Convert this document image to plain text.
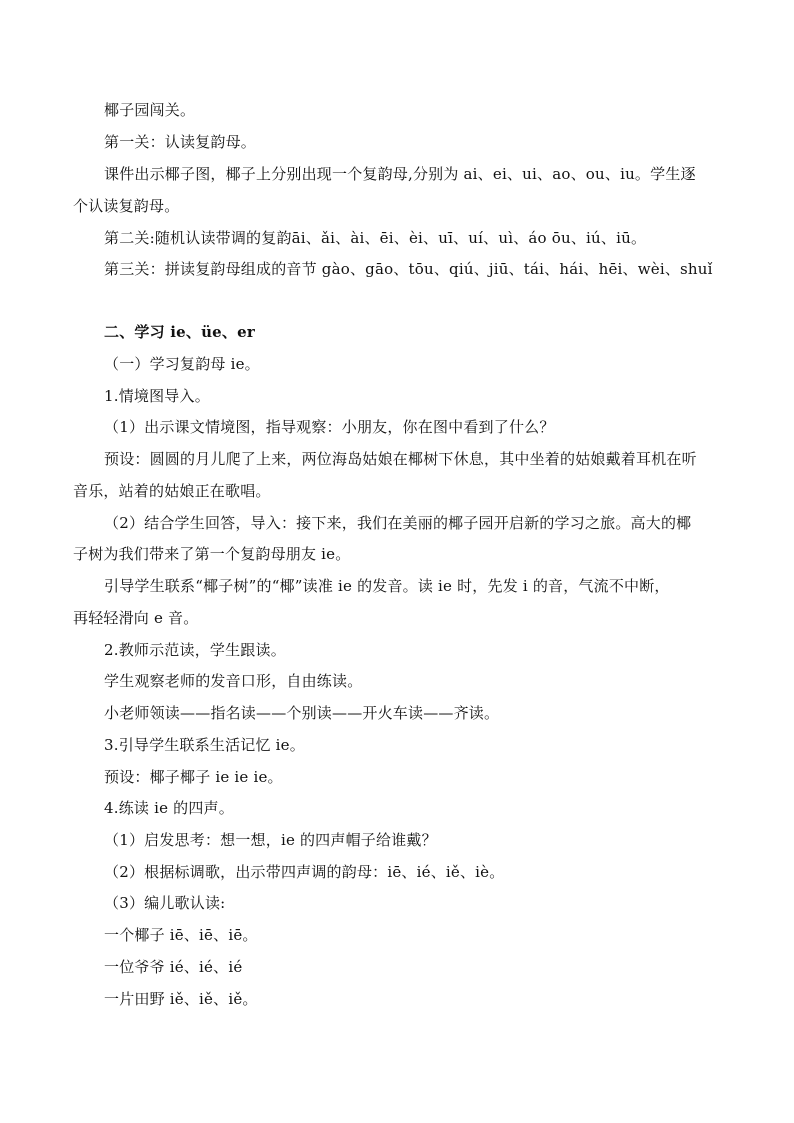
椰子园闯关。
第一关：认读复韵母。
课件出示椰子图，椰子上分别出现一个复韵母,分别为 ai、ei、ui、ao、ou、iu。学生逐
个认读复韵母。
第二关:随机认读带调的复韵āi、ǎi、ài、ēi、èi、uī、uí、uì、áo ōu、iú、iū。
第三关：拼读复韵母组成的音节 gào、gāo、tōu、qiú、jiū、tái、hái、hēi、wèi、shuǐ
二、学习 ie、üe、er
（一）学习复韵母 ie。
1.情境图导入。
（1）出示课文情境图，指导观察：小朋友，你在图中看到了什么？
预设：圆圆的月儿爬了上来，两位海岛姑娘在椰树下休息，其中坐着的姑娘戴着耳机在听
音乐，站着的姑娘正在歌唱。
（2）结合学生回答，导入：接下来，我们在美丽的椰子园开启新的学习之旅。高大的椰
子树为我们带来了第一个复韵母朋友 ie。
引导学生联系“椰子树”的“椰”读准 ie 的发音。读 ie 时，先发 i 的音，气流不中断，
再轻轻滑向 e 音。
2.教师示范读，学生跟读。
学生观察老师的发音口形，自由练读。
小老师领读——指名读——个别读——开火车读——齐读。
3.引导学生联系生活记忆 ie。
预设：椰子椰子 ie ie ie。
4.练读 ie 的四声。
（1）启发思考：想一想，ie 的四声帽子给谁戴？
（2）根据标调歌，出示带四声调的韵母：iē、ié、iě、iè。
（3）编儿歌认读:
一个椰子 iē、iē、iē。
一位爷爷 ié、ié、ié
一片田野 iě、iě、iě。
